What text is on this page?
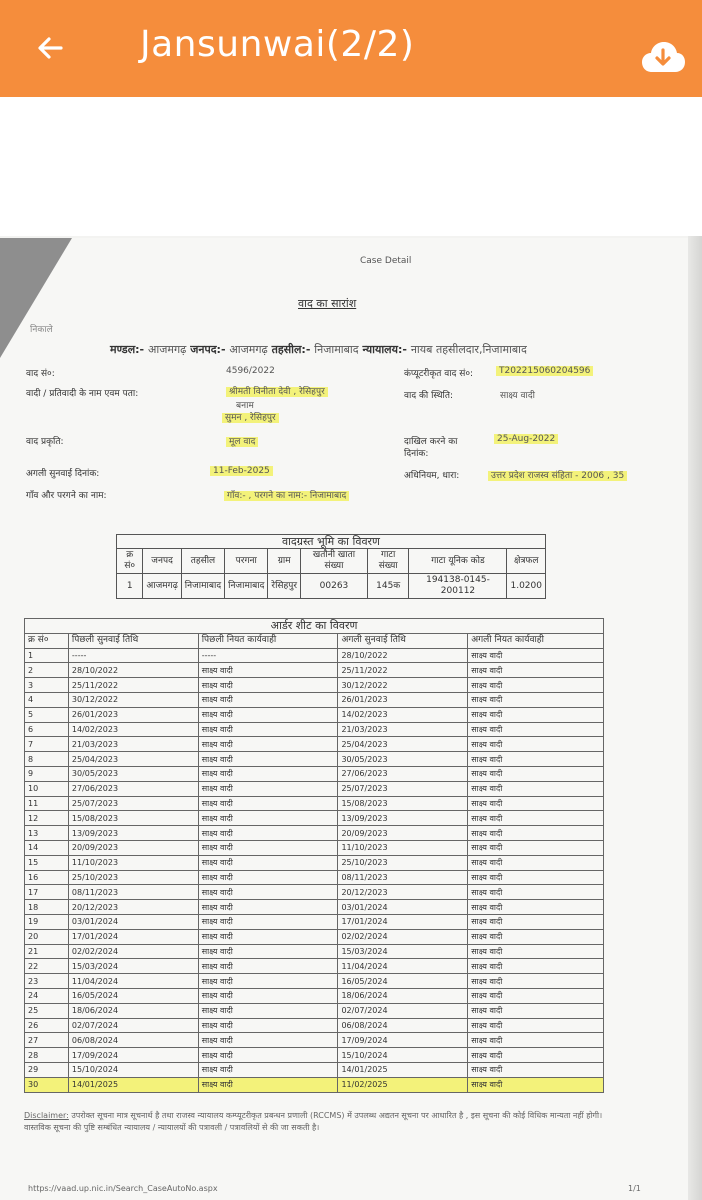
Jansunwai(2/2)
Case Detail
वाद का सारांश
निकाले
मण्डल:- आजमगढ़ जनपद:- आजमगढ़ तहसील:- निजामाबाद न्यायालय:- नायब तहसीलदार,निजामाबाद
वाद सं०:	4596/2022
वादी / प्रतिवादी के नाम एवम पता:	श्रीमती विनीता देवी , रेसिहपुर
बनाम
सुमन , रेसिहपुर
वाद प्रकृति:	मूल वाद
अगली सुनवाई दिनांक:	11-Feb-2025
गाँव और परगने का नाम:	गाँव:- , परगने का नाम:- निजामाबाद
कंप्यूटरीकृत वाद सं०:	T202215060204596
वाद की स्थिति:	साक्ष्य वादी
दाखिल करने का
दिनांक:
25-Aug-2022
अधिनियम, धारा:	उत्तर प्रदेश राजस्व संहिता - 2006 , 35
वादग्रस्त भूमि का विवरण								
क्र सं०	जनपद	तहसील	परगना	ग्राम	खतौनी खाता संख्या	गाटा संख्या	गाटा यूनिक कोड	क्षेत्रफल
1	आजमगढ़	निजामाबाद	निजामाबाद	रेसिहपुर	00263	145क	194138-0145-200112	1.0200
आर्डर शीट का विवरण				
क्र सं०	पिछली सुनवाई तिथि	पिछली नियत कार्यवाही	अगली सुनवाई तिथि	अगली नियत कार्यवाही
1	-----	-----	28/10/2022	साक्ष्य वादी
2	28/10/2022	साक्ष्य वादी	25/11/2022	साक्ष्य वादी
3	25/11/2022	साक्ष्य वादी	30/12/2022	साक्ष्य वादी
4	30/12/2022	साक्ष्य वादी	26/01/2023	साक्ष्य वादी
5	26/01/2023	साक्ष्य वादी	14/02/2023	साक्ष्य वादी
6	14/02/2023	साक्ष्य वादी	21/03/2023	साक्ष्य वादी
7	21/03/2023	साक्ष्य वादी	25/04/2023	साक्ष्य वादी
8	25/04/2023	साक्ष्य वादी	30/05/2023	साक्ष्य वादी
9	30/05/2023	साक्ष्य वादी	27/06/2023	साक्ष्य वादी
10	27/06/2023	साक्ष्य वादी	25/07/2023	साक्ष्य वादी
11	25/07/2023	साक्ष्य वादी	15/08/2023	साक्ष्य वादी
12	15/08/2023	साक्ष्य वादी	13/09/2023	साक्ष्य वादी
13	13/09/2023	साक्ष्य वादी	20/09/2023	साक्ष्य वादी
14	20/09/2023	साक्ष्य वादी	11/10/2023	साक्ष्य वादी
15	11/10/2023	साक्ष्य वादी	25/10/2023	साक्ष्य वादी
16	25/10/2023	साक्ष्य वादी	08/11/2023	साक्ष्य वादी
17	08/11/2023	साक्ष्य वादी	20/12/2023	साक्ष्य वादी
18	20/12/2023	साक्ष्य वादी	03/01/2024	साक्ष्य वादी
19	03/01/2024	साक्ष्य वादी	17/01/2024	साक्ष्य वादी
20	17/01/2024	साक्ष्य वादी	02/02/2024	साक्ष्य वादी
21	02/02/2024	साक्ष्य वादी	15/03/2024	साक्ष्य वादी
22	15/03/2024	साक्ष्य वादी	11/04/2024	साक्ष्य वादी
23	11/04/2024	साक्ष्य वादी	16/05/2024	साक्ष्य वादी
24	16/05/2024	साक्ष्य वादी	18/06/2024	साक्ष्य वादी
25	18/06/2024	साक्ष्य वादी	02/07/2024	साक्ष्य वादी
26	02/07/2024	साक्ष्य वादी	06/08/2024	साक्ष्य वादी
27	06/08/2024	साक्ष्य वादी	17/09/2024	साक्ष्य वादी
28	17/09/2024	साक्ष्य वादी	15/10/2024	साक्ष्य वादी
29	15/10/2024	साक्ष्य वादी	14/01/2025	साक्ष्य वादी
30	14/01/2025	साक्ष्य वादी	11/02/2025	साक्ष्य वादी
Disclaimer: उपरोक्त सूचना मात्र सूचनार्थ है तथा राजस्व न्यायालय कम्प्यूटरीकृत प्रबन्धन प्रणाली (RCCMS) में उपलब्ध अद्यतन सूचना पर आधारित है , इस सूचना की कोई विधिक मान्यता नहीं होगी। वास्तविक सूचना की पुष्टि सम्बंधित न्यायालय / न्यायालयों की पत्रावली / पत्रावलियों से की जा सकती है।
https://vaad.up.nic.in/Search_CaseAutoNo.aspx	1/1
